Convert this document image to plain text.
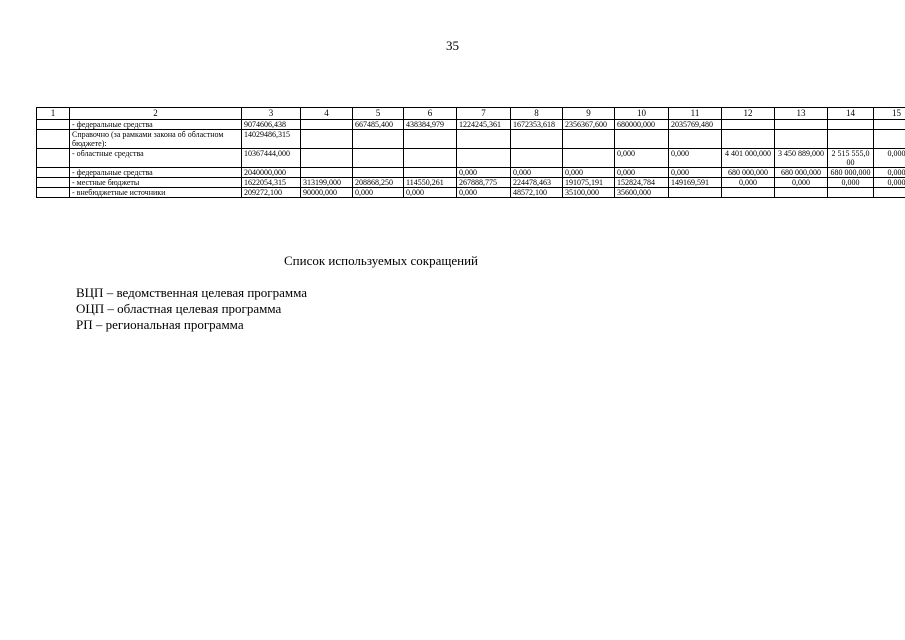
35
1	2	3	4	5	6	7	8	9	10	11	12	13	14	15
	- федеральные средства	9074606,438		667485,400	438384,979	1224245,361	1672353,618	2356367,600	680000,000	2035769,480				
	Справочно (за рамками закона об областном бюджете):	14029486,315												
	- областные средства	10367444,000							0,000	0,000	4 401 000,000	3 450 889,000	2 515 555,000	0,000
	- федеральные средства	2040000,000				0,000	0,000	0,000	0,000	0,000	680 000,000	680 000,000	680 000,000	0,000
	- местные бюджеты	1622054,315	313199,000	208868,250	114550,261	267888,775	224478,463	191075,191	152824,784	149169,591	0,000	0,000	0,000	0,000
	- внебюджетные источники	209272,100	90000,000	0,000	0,000	0,000	48572,100	35100,000	35600,000					
Список используемых сокращений
ВЦП – ведомственная целевая программа
ОЦП – областная целевая программа
РП – региональная программа
